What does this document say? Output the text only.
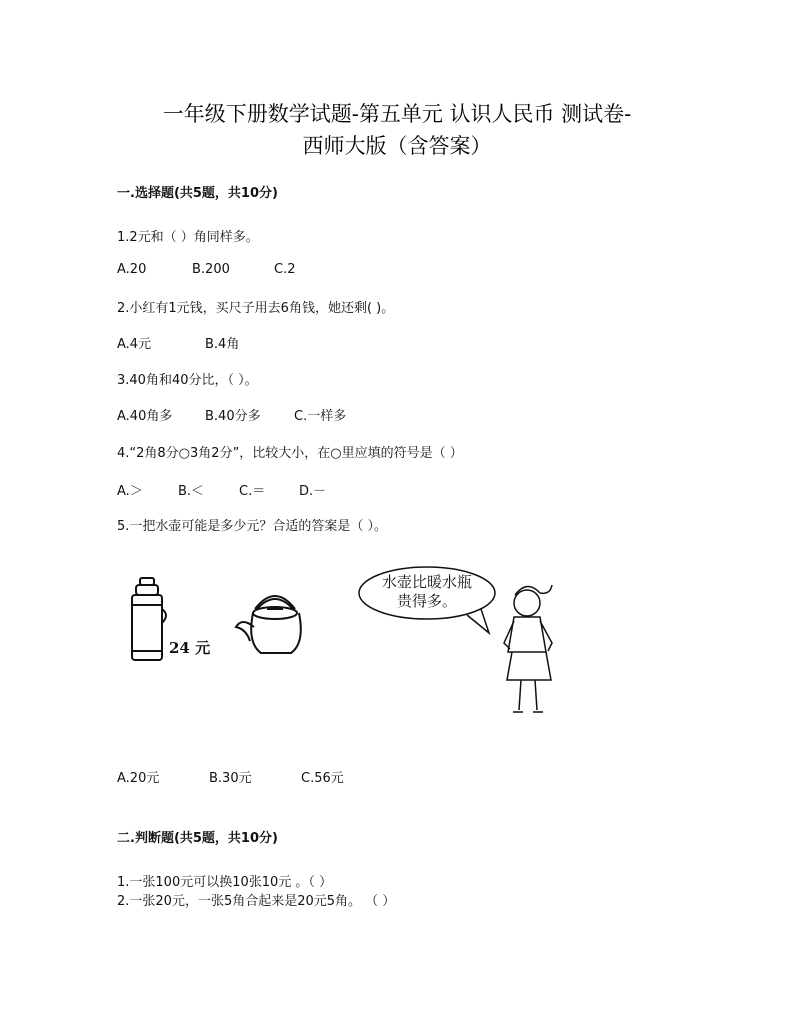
一年级下册数学试题-第五单元 认识人民币 测试卷-
西师大版（含答案）
一.选择题(共5题，共10分)
1.2元和（ ）角同样多。
A.20	B.200	C.2
2.小红有1元钱，买尺子用去6角钱，她还剩( )。
A.4元	B.4角
3.40角和40分比，（ ）。
A.40角多	B.40分多	C.一样多
4.“2角8分○3角2分”，比较大小，在○里应填的符号是（ ）
A.＞	B.＜	C.＝	D.－
5.一把水壶可能是多少元？合适的答案是（ ）。
24 元
水壶比暖水瓶
贵得多。
A.20元	B.30元	C.56元
二.判断题(共5题，共10分)
1.一张100元可以换10张10元 。（ ）
2.一张20元，一张5角合起来是20元5角。 （ ）
